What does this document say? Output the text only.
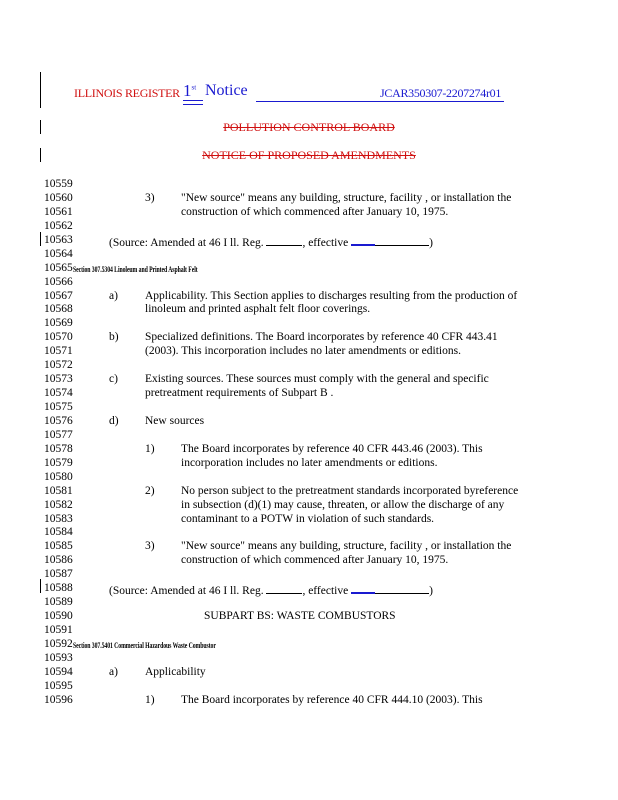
ILLINOIS REGISTER 1st Notice	JCAR350307-2207274r01
POLLUTION CONTROL BOARD
NOTICE OF PROPOSED AMENDMENTS
10559
10560	3) "New source" means any building, structure, facility , or installation the
10561	construction of which commenced after January 10, 1975.
10562
10563	(Source: Amended at 46 I ll. Reg.	, effective	)
10564
10565 Section 307.5304 Linoleum and Printed Asphalt Felt
10566
10567	a) Applicability. This Section applies to discharges resulting from the production of
10568	linoleum and printed asphalt felt floor coverings.
10569
10570	b) Specialized definitions. The Board incorporates by reference 40 CFR 443.41
10571	(2003). This incorporation includes no later amendments or editions.
10572
10573	c) Existing sources. These sources must comply with the general and specific
10574	pretreatment requirements of Subpart B .
10575
10576	d) New sources
10577
10578	1) The Board incorporates by reference 40 CFR 443.46 (2003). This
10579	incorporation includes no later amendments or editions.
10580
10581	2) No person subject to the pretreatment standards incorporated byreference
10582	in subsection (d)(1) may cause, threaten, or allow the discharge of any
10583	contaminant to a POTW in violation of such standards.
10584
10585	3) "New source" means any building, structure, facility , or installation the
10586	construction of which commenced after January 10, 1975.
10587
10588	(Source: Amended at 46 I ll. Reg.	, effective	)
10589
10590	SUBPART BS: WASTE COMBUSTORS
10591
10592 Section 307.5401 Commercial Hazardous Waste Combustor
10593
10594	a) Applicability
10595
10596	1) The Board incorporates by reference 40 CFR 444.10 (2003). This
